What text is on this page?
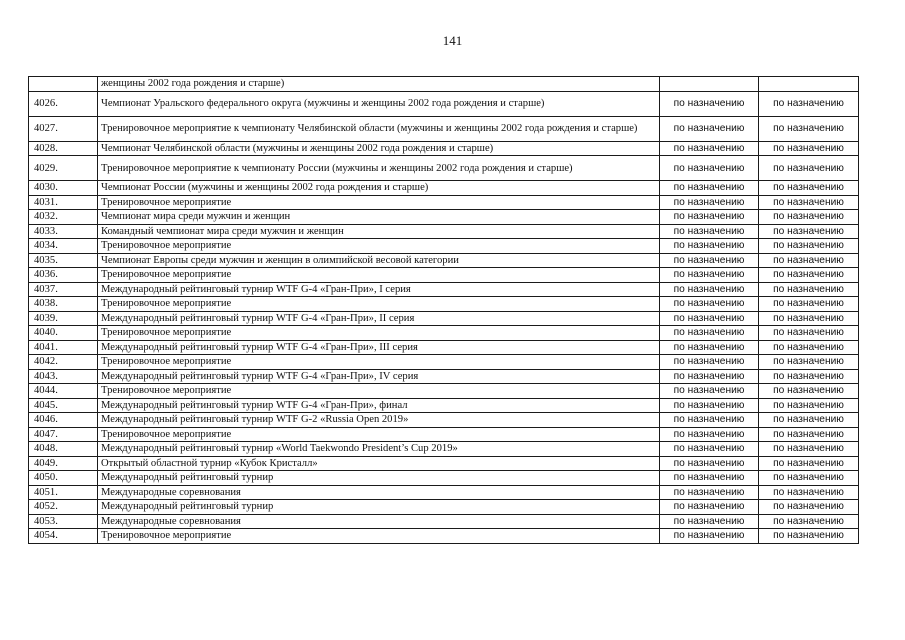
141
	женщины 2002 года рождения и старше)		
4026.	Чемпионат Уральского федерального округа (мужчины и женщины 2002 года рождения и старше)	по назначению	по назначению
4027.	Тренировочное мероприятие к чемпионату Челябинской области (мужчины и женщины 2002 года рождения и старше)	по назначению	по назначению
4028.	Чемпионат Челябинской области (мужчины и женщины 2002 года рождения и старше)	по назначению	по назначению
4029.	Тренировочное мероприятие к чемпионату России (мужчины и женщины 2002 года рождения и старше)	по назначению	по назначению
4030.	Чемпионат России (мужчины и женщины 2002 года рождения и старше)	по назначению	по назначению
4031.	Тренировочное мероприятие	по назначению	по назначению
4032.	Чемпионат мира среди мужчин и женщин	по назначению	по назначению
4033.	Командный чемпионат мира среди мужчин и женщин	по назначению	по назначению
4034.	Тренировочное мероприятие	по назначению	по назначению
4035.	Чемпионат Европы среди мужчин и женщин в олимпийской весовой категории	по назначению	по назначению
4036.	Тренировочное мероприятие	по назначению	по назначению
4037.	Международный рейтинговый турнир WTF G-4 «Гран-При», I серия	по назначению	по назначению
4038.	Тренировочное мероприятие	по назначению	по назначению
4039.	Международный рейтинговый турнир WTF G-4 «Гран-При», II серия	по назначению	по назначению
4040.	Тренировочное мероприятие	по назначению	по назначению
4041.	Международный рейтинговый турнир WTF G-4 «Гран-При», III серия	по назначению	по назначению
4042.	Тренировочное мероприятие	по назначению	по назначению
4043.	Международный рейтинговый турнир WTF G-4 «Гран-При», IV серия	по назначению	по назначению
4044.	Тренировочное мероприятие	по назначению	по назначению
4045.	Международный рейтинговый турнир WTF G-4 «Гран-При», финал	по назначению	по назначению
4046.	Международный рейтинговый турнир WTF G-2 «Russia Open 2019»	по назначению	по назначению
4047.	Тренировочное мероприятие	по назначению	по назначению
4048.	Международный рейтинговый турнир «World Taekwondo President’s Cup 2019»	по назначению	по назначению
4049.	Открытый областной турнир «Кубок Кристалл»	по назначению	по назначению
4050.	Международный рейтинговый турнир	по назначению	по назначению
4051.	Международные соревнования	по назначению	по назначению
4052.	Международный рейтинговый турнир	по назначению	по назначению
4053.	Международные соревнования	по назначению	по назначению
4054.	Тренировочное мероприятие	по назначению	по назначению
